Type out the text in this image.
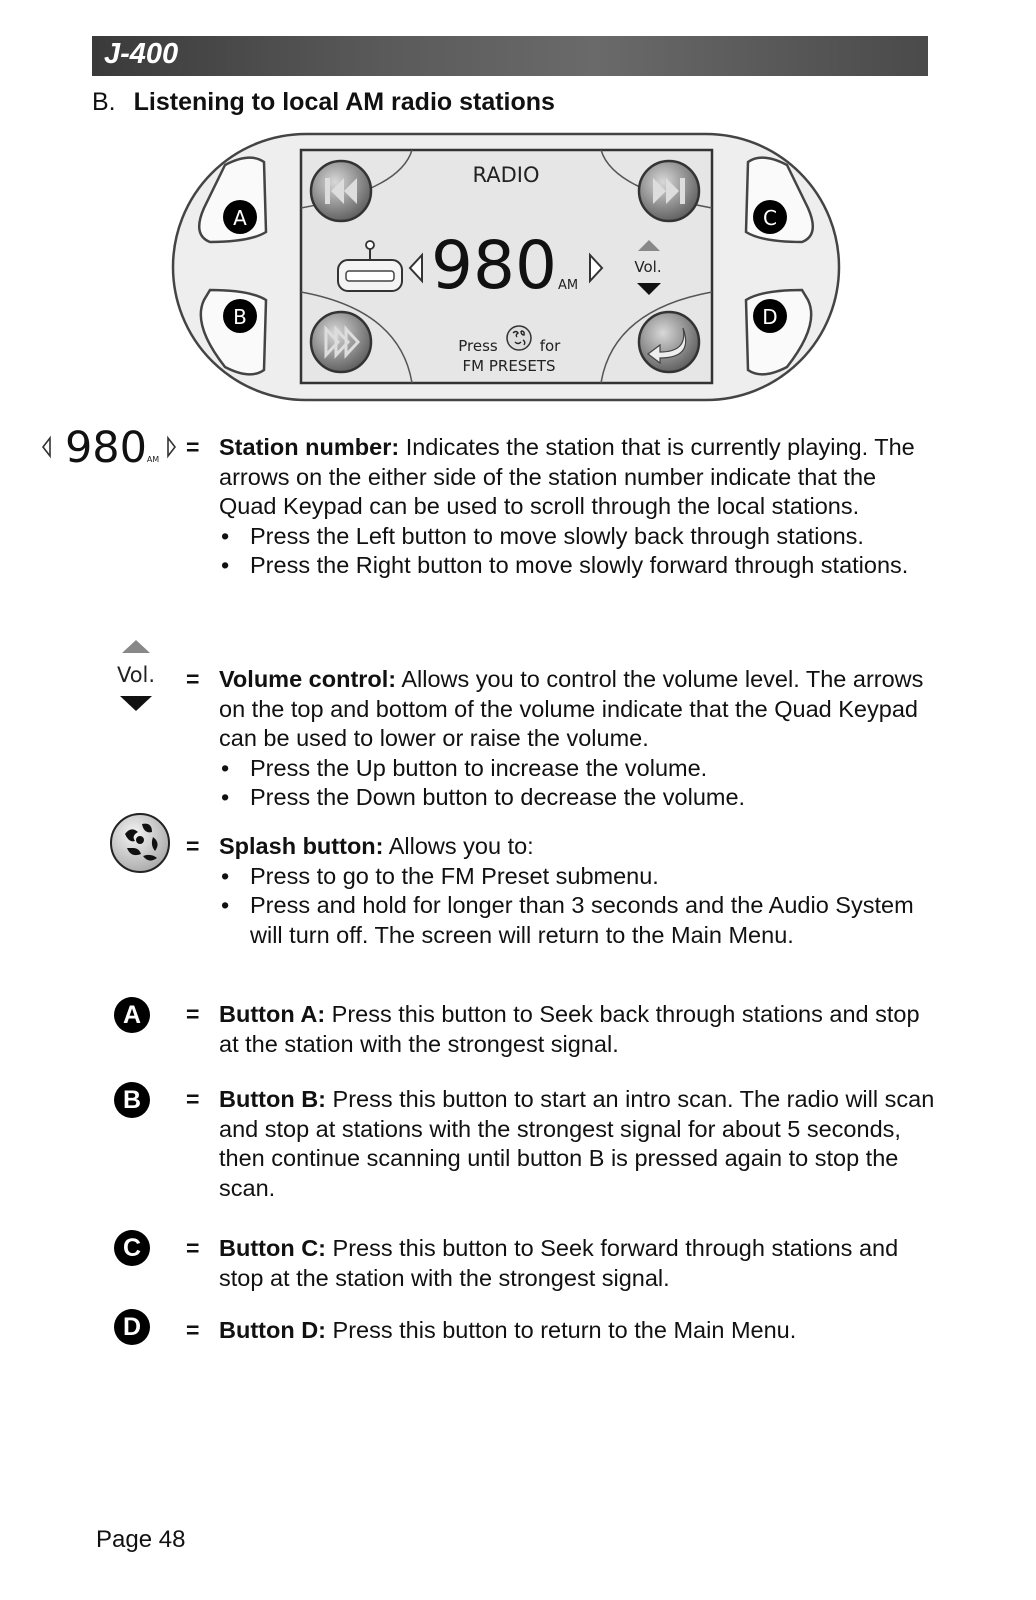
J-400
B. Listening to local AM radio stations
A
B
C
D
RADIO
980 AM
Vol.
Press	for
FM PRESETS
980 AM = Station number: Indicates the station that is currently playing. The arrows on the either side of the station number indicate that the Quad Keypad can be used to scroll through the local stations.
• Press the Left button to move slowly back through stations.
• Press the Right button to move slowly forward through stations.
Vol. = Volume control: Allows you to control the volume level. The arrows on the top and bottom of the volume indicate that the Quad Keypad can be used to lower or raise the volume.
• Press the Up button to increase the volume.
• Press the Down button to decrease the volume.
= Splash button: Allows you to:
• Press to go to the FM Preset submenu.
• Press and hold for longer than 3 seconds and the Audio System will turn off. The screen will return to the Main Menu.
A	= Button A: Press this button to Seek back through stations and stop at the station with the strongest signal.
B	= Button B: Press this button to start an intro scan. The radio will scan and stop at stations with the strongest signal for about 5 seconds, then continue scanning until button B is pressed again to stop the scan.
C	= Button C: Press this button to Seek forward through stations and stop at the station with the strongest signal.
D	= Button D: Press this button to return to the Main Menu.
Page 48
